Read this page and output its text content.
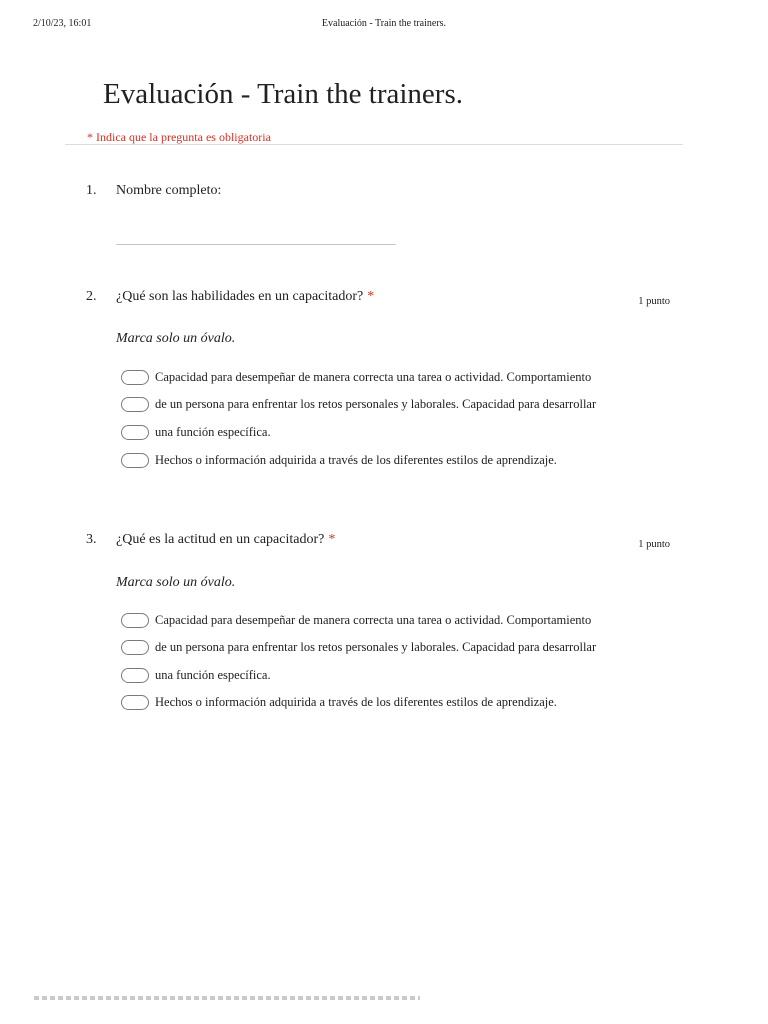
2/10/23, 16:01	Evaluación - Train the trainers.
Evaluación - Train the trainers.
* Indica que la pregunta es obligatoria
1. Nombre completo:
2. ¿Qué son las habilidades en un capacitador? *	1 punto
Marca solo un óvalo.
Capacidad para desempeñar de manera correcta una tarea o actividad. Comportamiento
de un persona para enfrentar los retos personales y laborales. Capacidad para desarrollar
una función específica.
Hechos o información adquirida a través de los diferentes estilos de aprendizaje.
3. ¿Qué es la actitud en un capacitador? *	1 punto
Marca solo un óvalo.
Capacidad para desempeñar de manera correcta una tarea o actividad. Comportamiento
de un persona para enfrentar los retos personales y laborales. Capacidad para desarrollar
una función específica.
Hechos o información adquirida a través de los diferentes estilos de aprendizaje.
